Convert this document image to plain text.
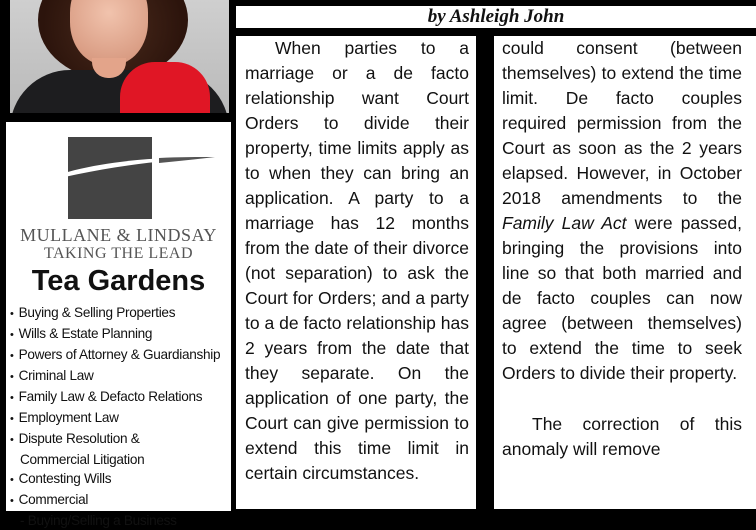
MULLANE & LINDSAY
TAKING THE LEAD
Tea Gardens
• Buying & Selling Properties
• Wills & Estate Planning
• Powers of Attorney & Guardianship
• Criminal Law
• Family Law & Defacto Relations
• Employment Law
• Dispute Resolution &
Commercial Litigation
• Contesting Wills
• Commercial
- Buying/Selling a Business
by Ashleigh John

When parties to a marriage or a de facto relationship want Court Orders to divide their property, time limits apply as to when they can bring an application. A party to a marriage has 12 months from the date of their divorce (not separation) to ask the Court for Orders; and a party to a de facto relationship has 2 years from the date that they separate. On the application of one party, the Court can give permission to extend this time limit in certain circumstances.

could consent (between themselves) to extend the time limit. De facto couples required permission from the Court as soon as the 2 years elapsed. However, in October 2018 amendments to the Family Law Act were passed, bringing the provisions into line so that both married and de facto couples can now agree (between themselves) to extend the time to seek Orders to divide their property.

The correction of this anomaly will remove
